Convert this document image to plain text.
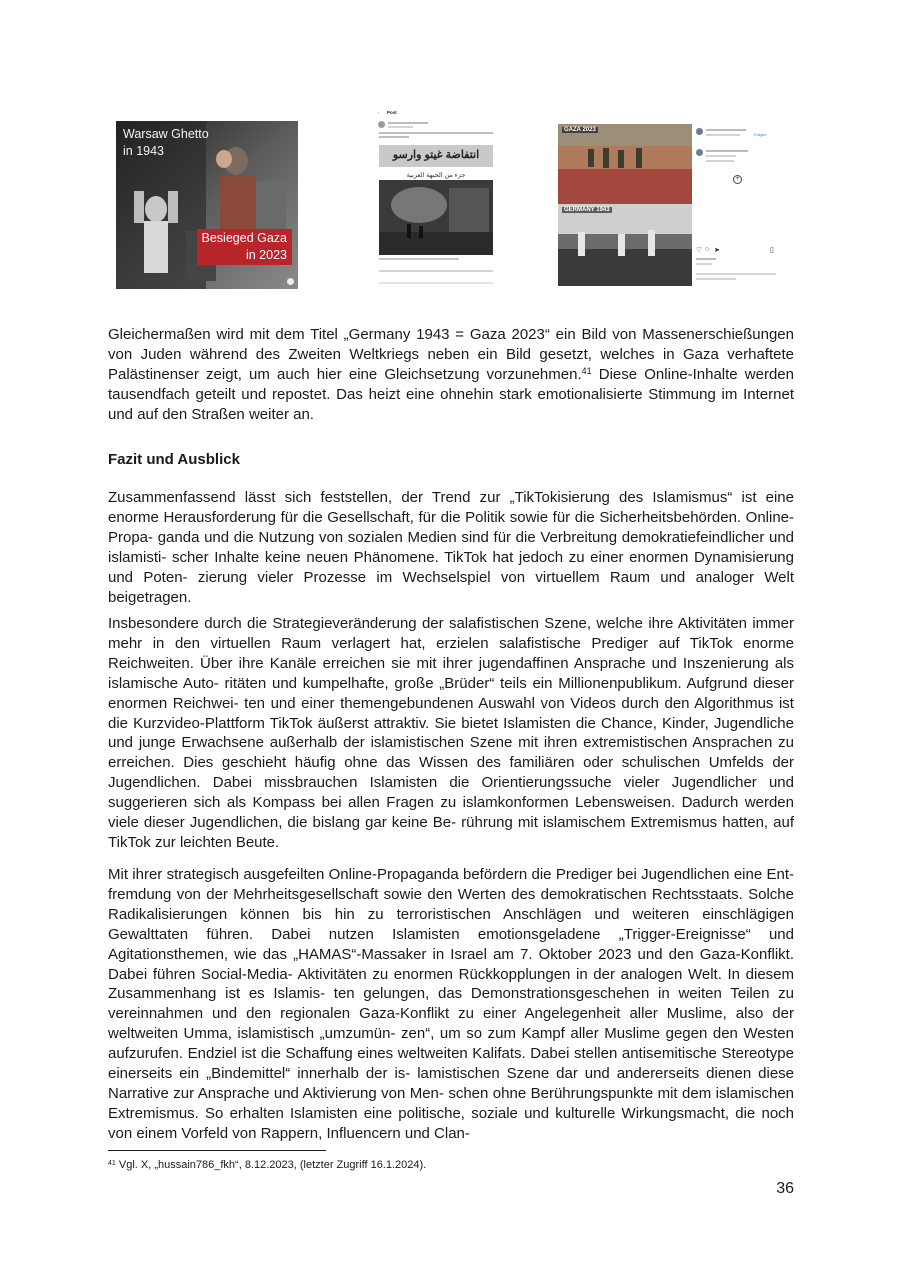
Warsaw Ghetto
in 1943
Besieged Gaza
in 2023
‹ Post
انتفاضة غيتو وارسو
جزء من الجبهة العربية
GAZA 2023
GERMANY 1943
Folgen
+
♡ ○ ➤	▯

Gleichermaßen wird mit dem Titel „Germany 1943 = Gaza 2023“ ein Bild von Massenerschießungen von Juden während des Zweiten Weltkriegs neben ein Bild gesetzt, welches in Gaza verhaftete Palästinenser zeigt, um auch hier eine Gleichsetzung vorzunehmen.$^{41}$ Diese Online-Inhalte werden tausendfach geteilt und repostet. Das heizt eine ohnehin stark emotionalisierte Stimmung im Internet und auf den Straßen weiter an.

Fazit und Ausblick

Zusammenfassend lässt sich feststellen, der Trend zur „TikTokisierung des Islamismus“ ist eine enorme Herausforderung für die Gesellschaft, für die Politik sowie für die Sicherheitsbehörden. Online-Propa- ganda und die Nutzung von sozialen Medien sind für die Verbreitung demokratiefeindlicher und islamisti- scher Inhalte keine neuen Phänomene. TikTok hat jedoch zu einer enormen Dynamisierung und Poten- zierung vieler Prozesse im Wechselspiel von virtuellem Raum und analoger Welt beigetragen.

Insbesondere durch die Strategieveränderung der salafistischen Szene, welche ihre Aktivitäten immer mehr in den virtuellen Raum verlagert hat, erzielen salafistische Prediger auf TikTok enorme Reichweiten. Über ihre Kanäle erreichen sie mit ihrer jugendaffinen Ansprache und Inszenierung als islamische Auto- ritäten und kumpelhafte, große „Brüder“ teils ein Millionenpublikum. Aufgrund dieser enormen Reichwei- ten und einer themengebundenen Auswahl von Videos durch den Algorithmus ist die Kurzvideo-Plattform TikTok äußerst attraktiv. Sie bietet Islamisten die Chance, Kinder, Jugendliche und junge Erwachsene außerhalb der islamistischen Szene mit ihren extremistischen Ansprachen zu erreichen. Dies geschieht häufig ohne das Wissen des familiären oder schulischen Umfelds der Jugendlichen. Dabei missbrauchen Islamisten die Orientierungssuche vieler Jugendlicher und suggerieren sich als Kompass bei allen Fragen zu islamkonformen Lebensweisen. Dadurch werden viele dieser Jugendlichen, die bislang gar keine Be- rührung mit islamischem Extremismus hatten, auf TikTok zur leichten Beute.

Mit ihrer strategisch ausgefeilten Online-Propaganda befördern die Prediger bei Jugendlichen eine Ent- fremdung von der Mehrheitsgesellschaft sowie den Werten des demokratischen Rechtsstaats. Solche Radikalisierungen können bis hin zu terroristischen Anschlägen und weiteren einschlägigen Gewalttaten führen. Dabei nutzen Islamisten emotionsgeladene „Trigger-Ereignisse“ und Agitationsthemen, wie das „HAMAS“-Massaker in Israel am 7. Oktober 2023 und den Gaza-Konflikt. Dabei führen Social-Media- Aktivitäten zu enormen Rückkopplungen in der analogen Welt. In diesem Zusammenhang ist es Islamis- ten gelungen, das Demonstrationsgeschehen in weiten Teilen zu vereinnahmen und den regionalen Gaza-Konflikt zu einer Angelegenheit aller Muslime, also der weltweiten Umma, islamistisch „umzumün- zen“, um so zum Kampf aller Muslime gegen den Westen aufzurufen. Endziel ist die Schaffung eines weltweiten Kalifats. Dabei stellen antisemitische Stereotype einerseits ein „Bindemittel“ innerhalb der is- lamistischen Szene dar und andererseits dienen diese Narrative zur Ansprache und Aktivierung von Men- schen ohne Berührungspunkte mit dem islamischen Extremismus. So erhalten Islamisten eine politische, soziale und kulturelle Wirkungsmacht, die noch von einem Vorfeld von Rappern, Influencern und Clan-

$^{41}$ Vgl. X, „hussain786_fkh“, 8.12.2023, (letzter Zugriff 16.1.2024).

36
